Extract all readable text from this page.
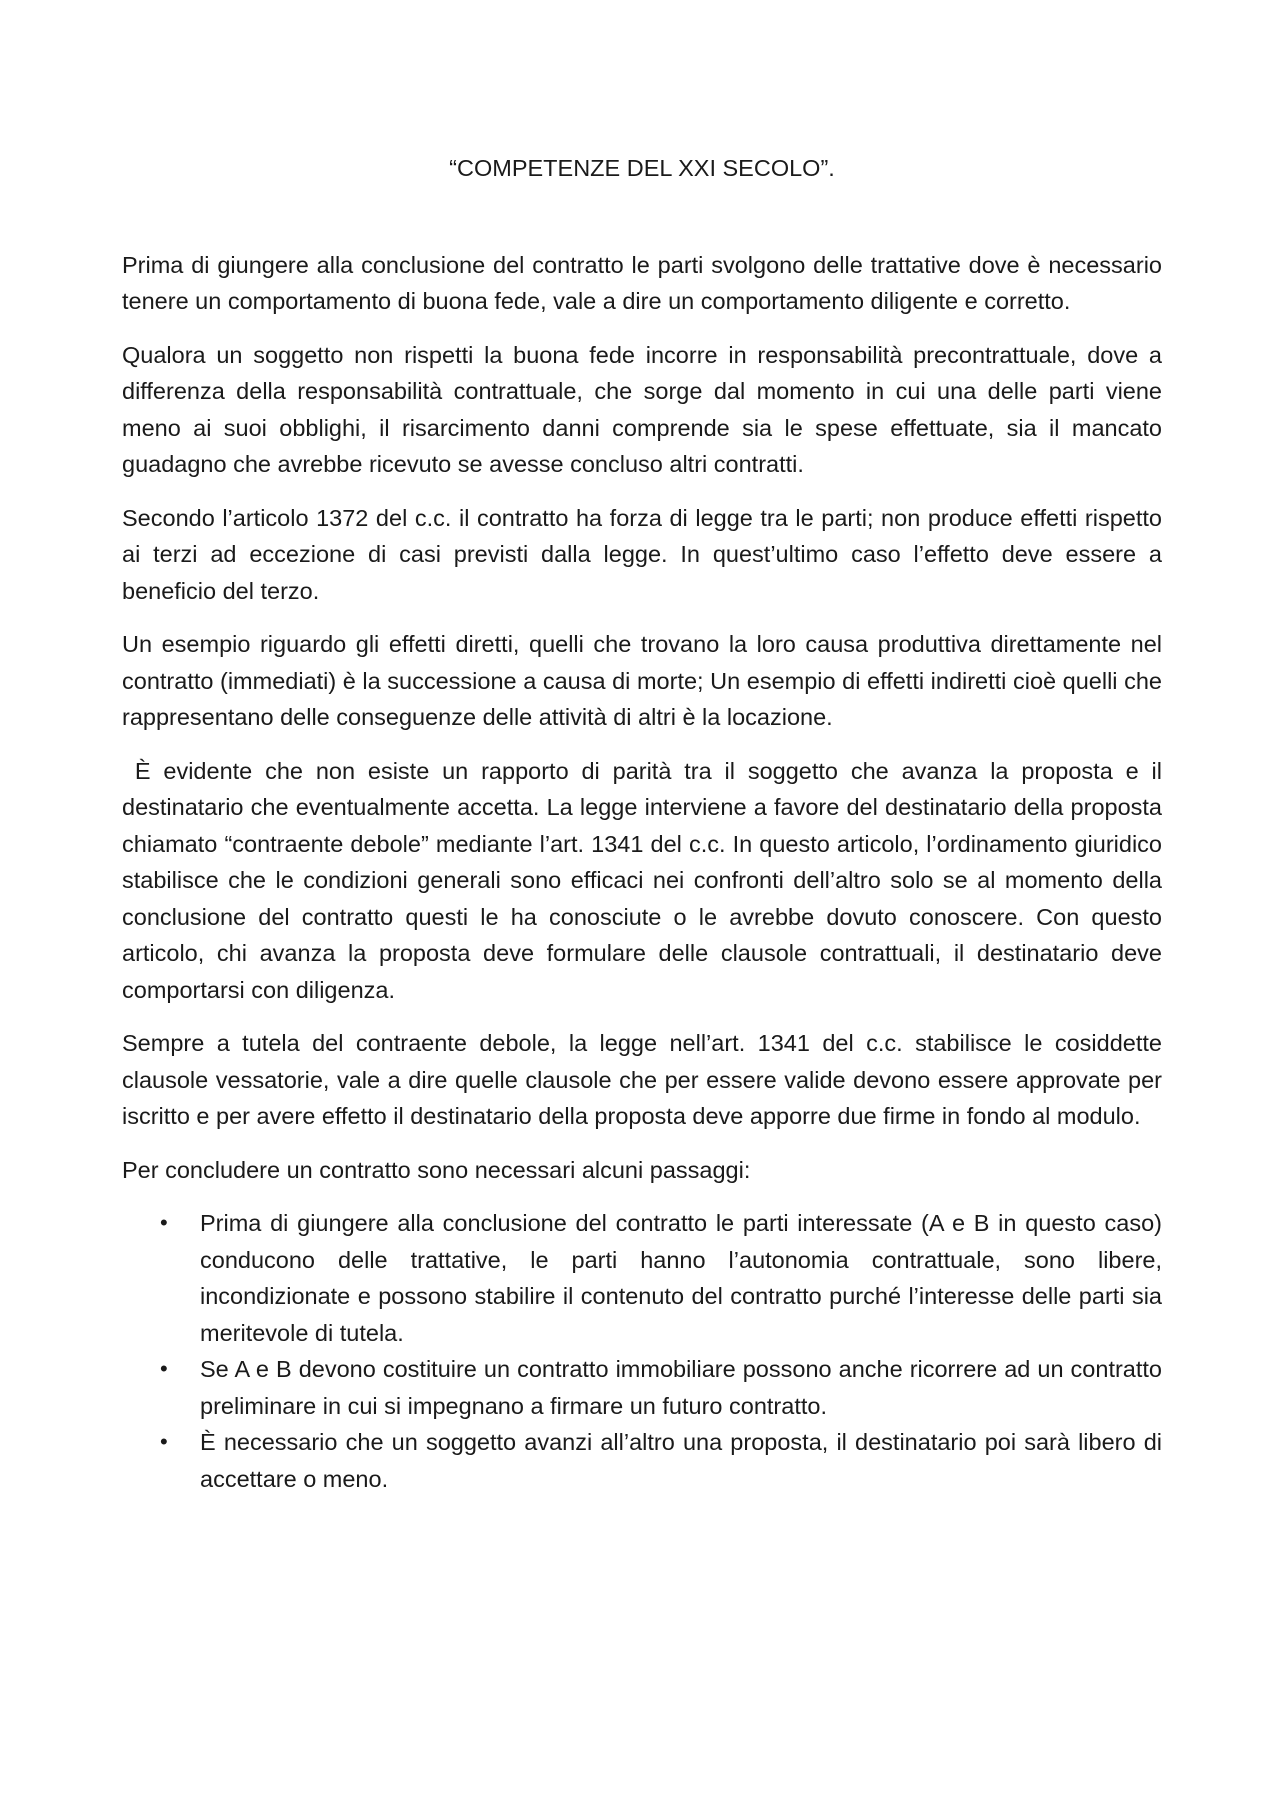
“COMPETENZE DEL XXI SECOLO”.

Prima di giungere alla conclusione del contratto le parti svolgono delle trattative dove è necessario tenere un comportamento di buona fede, vale a dire un comportamento diligente e corretto.

Qualora un soggetto non rispetti la buona fede incorre in responsabilità precontrattuale, dove a differenza della responsabilità contrattuale, che sorge dal momento in cui una delle parti viene meno ai suoi obblighi, il risarcimento danni comprende sia le spese effettuate, sia il mancato guadagno che avrebbe ricevuto se avesse concluso altri contratti.

Secondo l’articolo 1372 del c.c. il contratto ha forza di legge tra le parti; non produce effetti rispetto ai terzi ad eccezione di casi previsti dalla legge. In quest’ultimo caso l’effetto deve essere a beneficio del terzo.

Un esempio riguardo gli effetti diretti, quelli che trovano la loro causa produttiva direttamente nel contratto (immediati) è la successione a causa di morte; Un esempio di effetti indiretti cioè quelli che rappresentano delle conseguenze delle attività di altri è la locazione.

È evidente che non esiste un rapporto di parità tra il soggetto che avanza la proposta e il destinatario che eventualmente accetta. La legge interviene a favore del destinatario della proposta chiamato “contraente debole” mediante l’art. 1341 del c.c. In questo articolo, l’ordinamento giuridico stabilisce che le condizioni generali sono efficaci nei confronti dell’altro solo se al momento della conclusione del contratto questi le ha conosciute o le avrebbe dovuto conoscere. Con questo articolo, chi avanza la proposta deve formulare delle clausole contrattuali, il destinatario deve comportarsi con diligenza.

Sempre a tutela del contraente debole, la legge nell’art. 1341 del c.c. stabilisce le cosiddette clausole vessatorie, vale a dire quelle clausole che per essere valide devono essere approvate per iscritto e per avere effetto il destinatario della proposta deve apporre due firme in fondo al modulo.

Per concludere un contratto sono necessari alcuni passaggi:

• Prima di giungere alla conclusione del contratto le parti interessate (A e B in questo caso) conducono delle trattative, le parti hanno l’autonomia contrattuale, sono libere, incondizionate e possono stabilire il contenuto del contratto purché l’interesse delle parti sia meritevole di tutela.
• Se A e B devono costituire un contratto immobiliare possono anche ricorrere ad un contratto preliminare in cui si impegnano a firmare un futuro contratto.
• È necessario che un soggetto avanzi all’altro una proposta, il destinatario poi sarà libero di accettare o meno.
